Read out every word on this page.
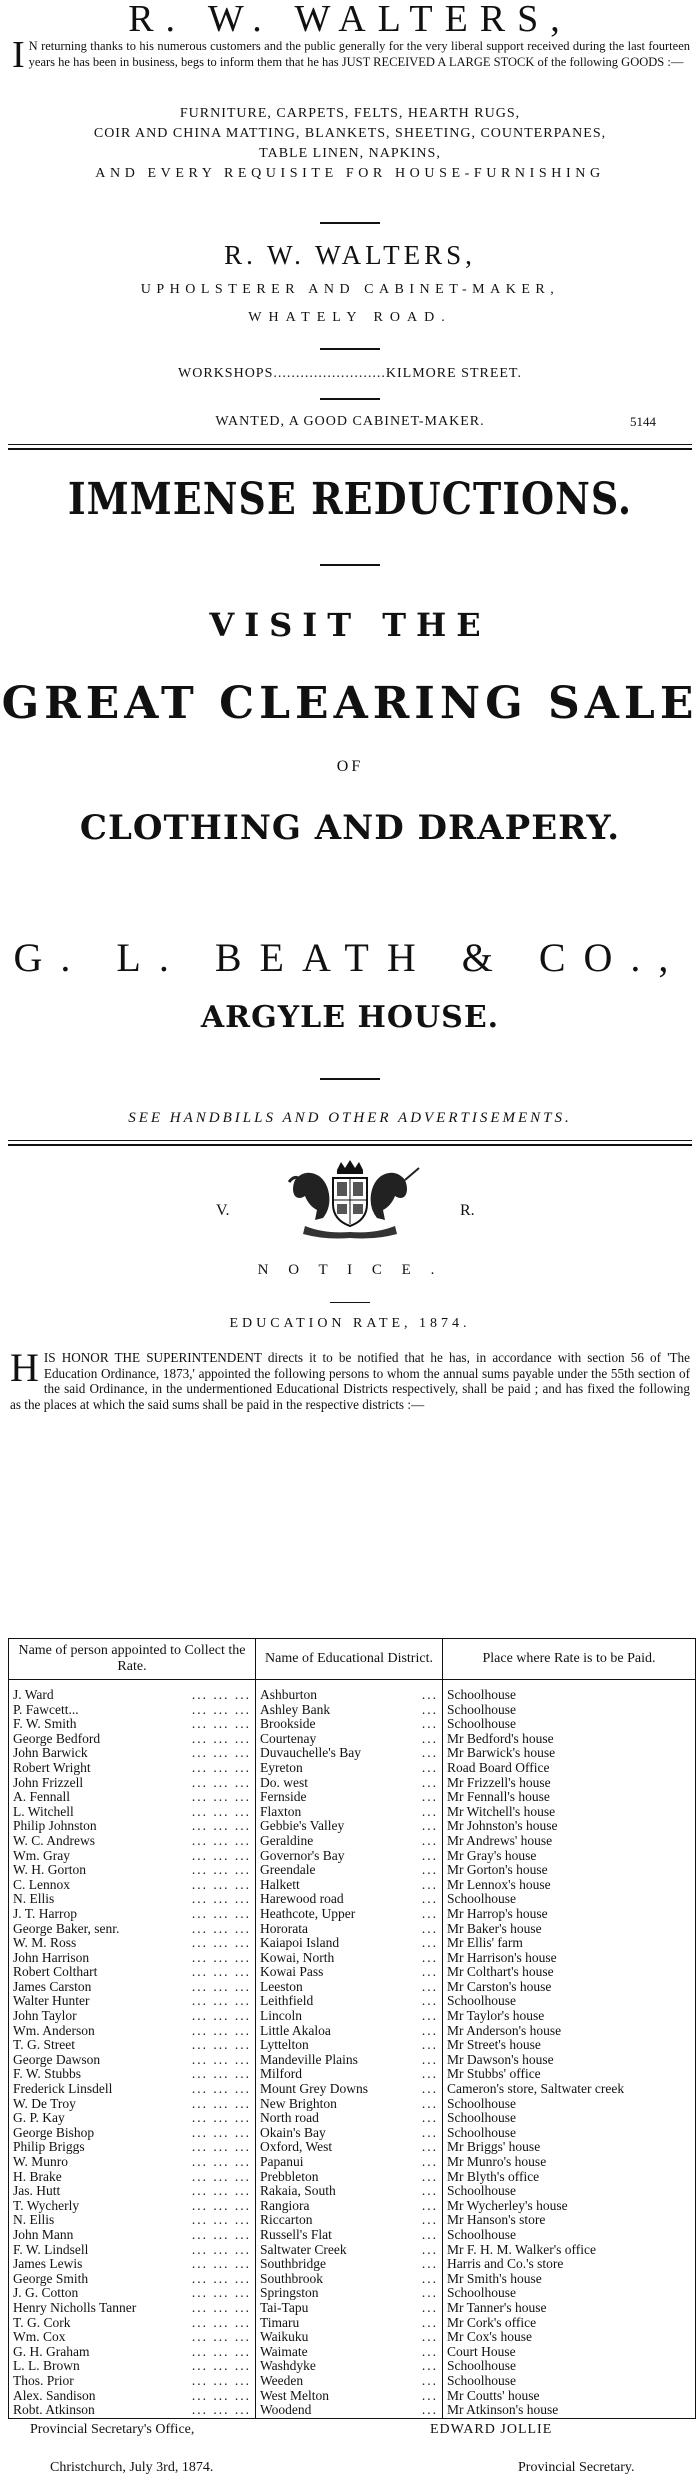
R. W. WALTERS,
I N returning thanks to his numerous customers and the public generally for the very liberal support received during the last fourteen years he has been in business, begs to inform them that he has JUST RECEIVED A LARGE STOCK of the following GOODS :—
FURNITURE, CARPETS, FELTS, HEARTH RUGS,
COIR AND CHINA MATTING, BLANKETS, SHEETING, COUNTERPANES,
TABLE LINEN, NAPKINS,
AND EVERY REQUISITE FOR HOUSE-FURNISHING
R. W. WALTERS,
UPHOLSTERER AND CABINET-MAKER,
WHATELY ROAD.
WORKSHOPS.........................KILMORE STREET.
WANTED, A GOOD CABINET-MAKER.	5144
IMMENSE REDUCTIONS.
VISIT THE
GREAT CLEARING SALE
OF
CLOTHING AND DRAPERY.
G. L. BEATH & CO.,
ARGYLE HOUSE.
SEE HANDBILLS AND OTHER ADVERTISEMENTS.
V.	R.
N O T I C E .
EDUCATION RATE, 1874.
HIS HONOR THE SUPERINTENDENT directs it to be notified that he has, in accordance with section 56 of 'The Education Ordinance, 1873,' appointed the following persons to whom the annual sums payable under the 55th section of the said Ordinance, in the undermentioned Educational Districts respectively, shall be paid ; and has fixed the following as the places at which the said sums shall be paid in the respective districts :—
Name of person appointed to Collect the Rate.	Name of Educational District.	Place where Rate is to be Paid.

J. Ward ... ... ...	Ashburton ...	Schoolhouse

P. Fawcett... ... ... ...	Ashley Bank ...	Schoolhouse

F. W. Smith ... ... ...	Brookside ...	Schoolhouse

George Bedford ... ... ...	Courtenay ...	Mr Bedford's house

John Barwick ... ... ...	Duvauchelle's Bay ...	Mr Barwick's house

Robert Wright ... ... ...	Eyreton ...	Road Board Office

John Frizzell ... ... ...	Do. west ...	Mr Frizzell's house

A. Fennall ... ... ...	Fernside ...	Mr Fennall's house

L. Witchell ... ... ...	Flaxton ...	Mr Witchell's house

Philip Johnston ... ... ...	Gebbie's Valley ...	Mr Johnston's house

W. C. Andrews ... ... ...	Geraldine ...	Mr Andrews' house

Wm. Gray ... ... ...	Governor's Bay ...	Mr Gray's house

W. H. Gorton ... ... ...	Greendale ...	Mr Gorton's house

C. Lennox ... ... ...	Halkett ...	Mr Lennox's house

N. Ellis ... ... ...	Harewood road ...	Schoolhouse

J. T. Harrop ... ... ...	Heathcote, Upper ...	Mr Harrop's house

George Baker, senr. ... ... ...	Hororata ...	Mr Baker's house

W. M. Ross ... ... ...	Kaiapoi Island ...	Mr Ellis' farm

John Harrison ... ... ...	Kowai, North ...	Mr Harrison's house

Robert Colthart ... ... ...	Kowai Pass ...	Mr Colthart's house

James Carston ... ... ...	Leeston ...	Mr Carston's house

Walter Hunter ... ... ...	Leithfield ...	Schoolhouse

John Taylor ... ... ...	Lincoln ...	Mr Taylor's house

Wm. Anderson ... ... ...	Little Akaloa ...	Mr Anderson's house

T. G. Street ... ... ...	Lyttelton ...	Mr Street's house

George Dawson ... ... ...	Mandeville Plains ...	Mr Dawson's house

F. W. Stubbs ... ... ...	Milford ...	Mr Stubbs' office

Frederick Linsdell ... ... ...	Mount Grey Downs ...	Cameron's store, Saltwater creek

W. De Troy ... ... ...	New Brighton ...	Schoolhouse

G. P. Kay ... ... ...	North road ...	Schoolhouse

George Bishop ... ... ...	Okain's Bay ...	Schoolhouse

Philip Briggs ... ... ...	Oxford, West ...	Mr Briggs' house

W. Munro ... ... ...	Papanui ...	Mr Munro's house

H. Brake ... ... ...	Prebbleton ...	Mr Blyth's office

Jas. Hutt ... ... ...	Rakaia, South ...	Schoolhouse

T. Wycherly ... ... ...	Rangiora ...	Mr Wycherley's house

N. Ellis ... ... ...	Riccarton ...	Mr Hanson's store

John Mann ... ... ...	Russell's Flat ...	Schoolhouse

F. W. Lindsell ... ... ...	Saltwater Creek ...	Mr F. H. M. Walker's office

James Lewis ... ... ...	Southbridge ...	Harris and Co.'s store

George Smith ... ... ...	Southbrook ...	Mr Smith's house

J. G. Cotton ... ... ...	Springston ...	Schoolhouse

Henry Nicholls Tanner ... ... ...	Tai-Tapu ...	Mr Tanner's house

T. G. Cork ... ... ...	Timaru ...	Mr Cork's office

Wm. Cox ... ... ...	Waikuku ...	Mr Cox's house

G. H. Graham ... ... ...	Waimate ...	Court House

L. L. Brown ... ... ...	Washdyke ...	Schoolhouse

Thos. Prior ... ... ...	Weeden ...	Schoolhouse

Alex. Sandison ... ... ...	West Melton ...	Mr Coutts' house

Robt. Atkinson ... ... ...	Woodend ...	Mr Atkinson's house
Provincial Secretary's Office,	EDWARD JOLLIE
Christchurch, July 3rd, 1874.	Provincial Secretary.
